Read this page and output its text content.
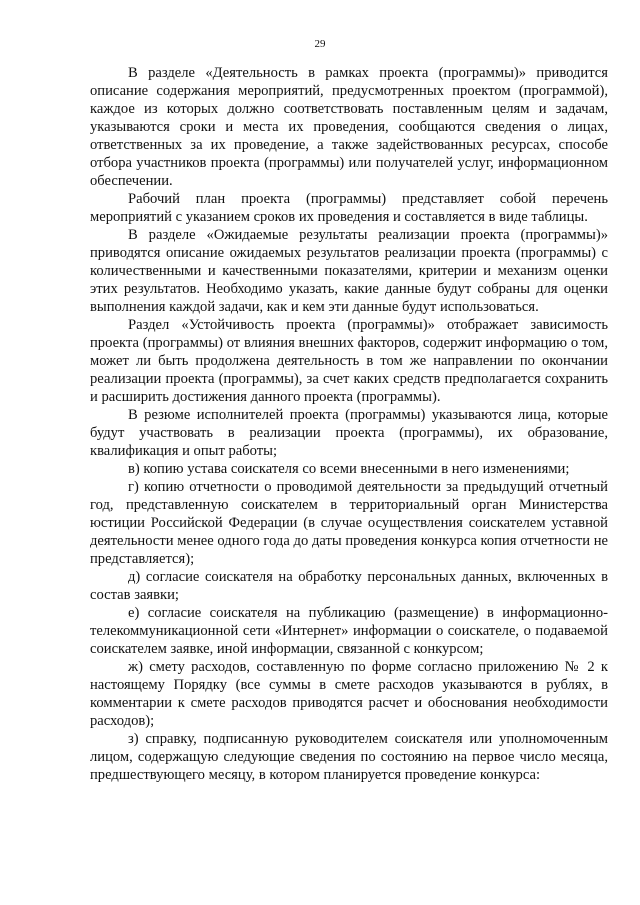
29

В разделе «Деятельность в рамках проекта (программы)» приводится описание содержания мероприятий, предусмотренных проектом (программой), каждое из которых должно соответствовать поставленным целям и задачам, указываются сроки и места их проведения, сообщаются сведения о лицах, ответственных за их проведение, а также задействованных ресурсах, способе отбора участников проекта (программы) или получателей услуг, информационном обеспечении.

Рабочий план проекта (программы) представляет собой перечень мероприятий с указанием сроков их проведения и составляется в виде таблицы.

В разделе «Ожидаемые результаты реализации проекта (программы)» приводятся описание ожидаемых результатов реализации проекта (программы) с количественными и качественными показателями, критерии и механизм оценки этих результатов. Необходимо указать, какие данные будут собраны для оценки выполнения каждой задачи, как и кем эти данные будут использоваться.

Раздел «Устойчивость проекта (программы)» отображает зависимость проекта (программы) от влияния внешних факторов, содержит информацию о том, может ли быть продолжена деятельность в том же направлении по окончании реализации проекта (программы), за счет каких средств предполагается сохранить и расширить достижения данного проекта (программы).

В резюме исполнителей проекта (программы) указываются лица, которые будут участвовать в реализации проекта (программы), их образование, квалификация и опыт работы;

в) копию устава соискателя со всеми внесенными в него изменениями;

г) копию отчетности о проводимой деятельности за предыдущий отчетный год, представленную соискателем в территориальный орган Министерства юстиции Российской Федерации (в случае осуществления соискателем уставной деятельности менее одного года до даты проведения конкурса копия отчетности не представляется);

д) согласие соискателя на обработку персональных данных, включенных в состав заявки;

е) согласие соискателя на публикацию (размещение) в информационно-телекоммуникационной сети «Интернет» информации о соискателе, о подаваемой соискателем заявке, иной информации, связанной с конкурсом;

ж) смету расходов, составленную по форме согласно приложению № 2 к настоящему Порядку (все суммы в смете расходов указываются в рублях, в комментарии к смете расходов приводятся расчет и обоснования необходимости расходов);

з) справку, подписанную руководителем соискателя или уполномоченным лицом, содержащую следующие сведения по состоянию на первое число месяца, предшествующего месяцу, в котором планируется проведение конкурса:
